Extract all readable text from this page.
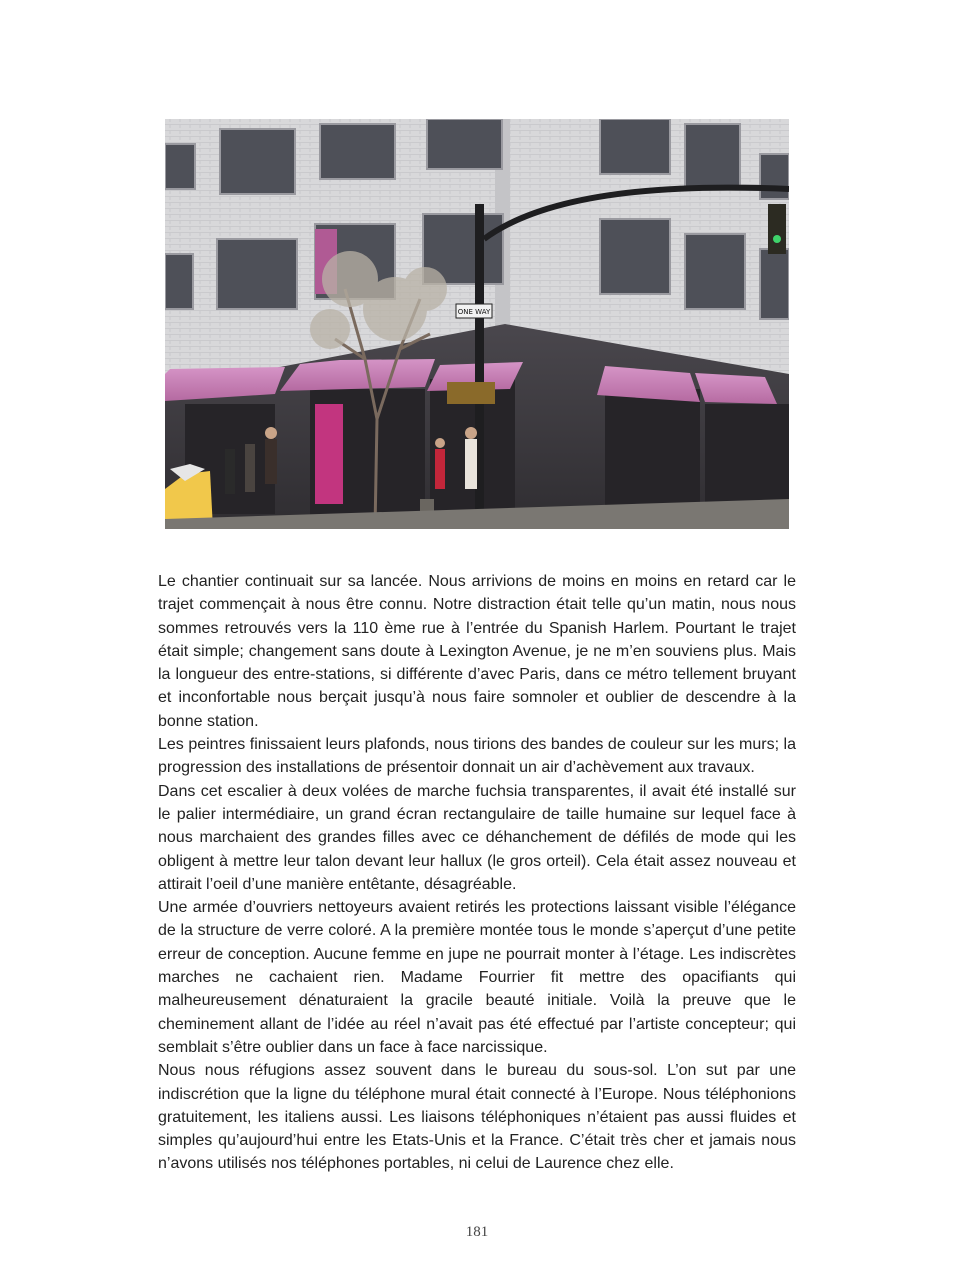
ONE WAY

Le chantier continuait sur sa lancée. Nous arrivions de moins en moins en retard car le trajet commençait à nous être connu. Notre distraction était telle qu’un matin, nous nous sommes retrouvés vers la 110 ème rue à l’entrée du Spanish Harlem. Pourtant le trajet était simple; changement sans doute à Lexington Avenue, je ne m’en souviens plus. Mais la longueur des entre-stations, si différente d’avec Paris, dans ce métro tellement bruyant et inconfortable nous berçait jusqu’à nous faire somnoler et oublier de descendre à la bonne station.

Les peintres finissaient leurs plafonds, nous tirions des bandes de couleur sur les murs; la progression des installations de présentoir donnait un air d’achèvement aux travaux.

Dans cet escalier à deux volées de marche fuchsia transparentes, il avait été installé sur le palier intermédiaire, un grand écran rectangulaire de taille humaine sur lequel face à nous marchaient des grandes filles avec ce déhanchement de défilés de mode qui les obligent à mettre leur talon devant leur hallux (le gros orteil). Cela était assez nouveau et attirait l’oeil d’une manière entêtante, désagréable.

Une armée d’ouvriers nettoyeurs avaient retirés les protections laissant visible l’élégance de la structure de verre coloré. A la première montée tous le monde s’aperçut d’une petite erreur de conception. Aucune femme en jupe ne pourrait monter à l’étage. Les indiscrètes marches ne cachaient rien. Madame Fourrier fit mettre des opacifiants qui malheureusement dénaturaient la gracile beauté initiale. Voilà la preuve que le cheminement allant de l’idée au réel n’avait pas été effectué par l’artiste concepteur; qui semblait s’être oublier dans un face à face narcissique.

Nous nous réfugions assez souvent dans le bureau du sous-sol. L’on sut par une indiscrétion que la ligne du téléphone mural était connecté à l’Europe. Nous téléphonions gratuitement, les italiens aussi. Les liaisons téléphoniques n’étaient pas aussi fluides et simples qu’aujourd’hui entre les Etats-Unis et la France. C’était très cher et jamais nous n’avons utilisés nos téléphones portables, ni celui de Laurence chez elle.

181
